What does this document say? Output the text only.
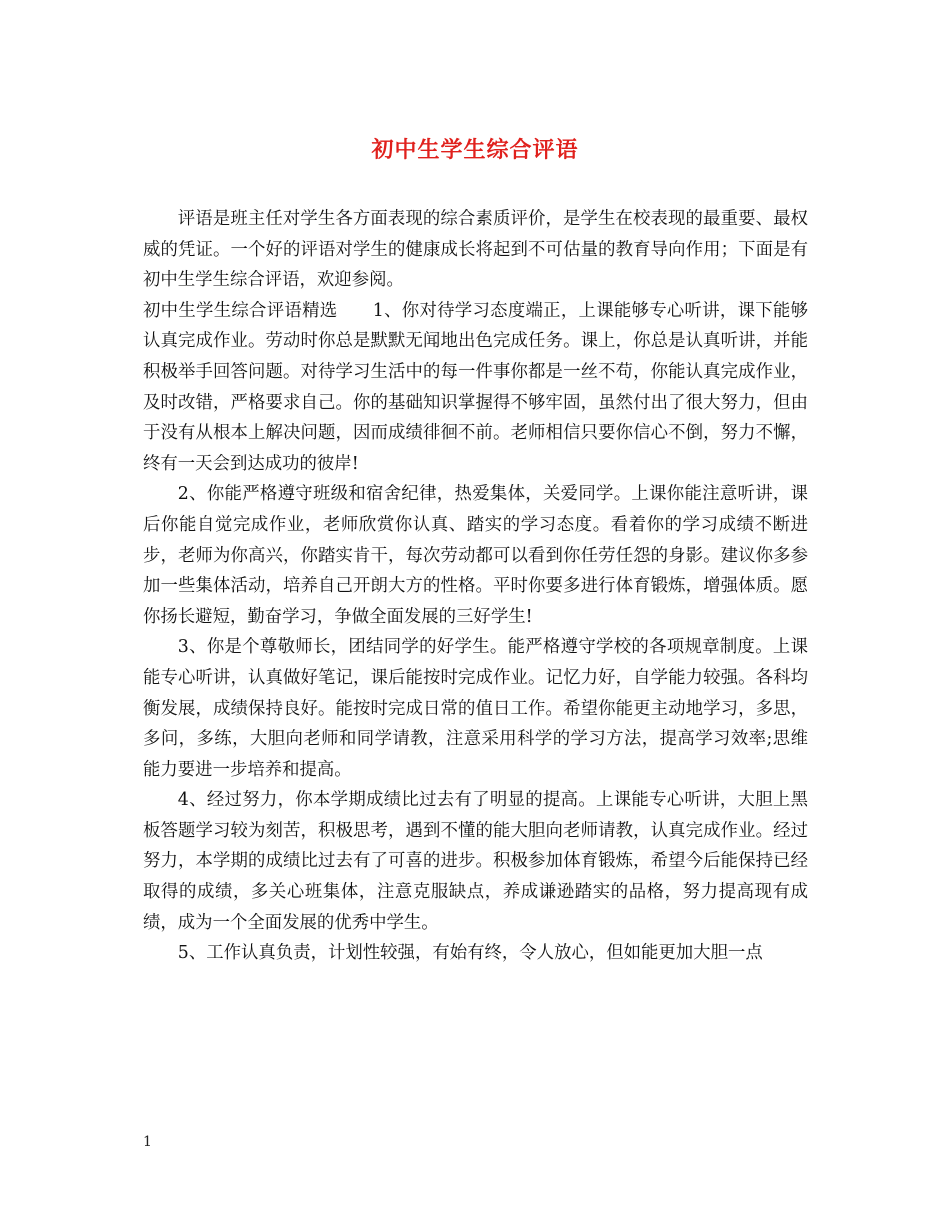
初中生学生综合评语

评语是班主任对学生各方面表现的综合素质评价，是学生在校表现的最重要、最权威的凭证。一个好的评语对学生的健康成长将起到不可估量的教育导向作用；下面是有初中生学生综合评语，欢迎参阅。

初中生学生综合评语精选　　1、你对待学习态度端正，上课能够专心听讲，课下能够认真完成作业。劳动时你总是默默无闻地出色完成任务。课上，你总是认真听讲，并能积极举手回答问题。对待学习生活中的每一件事你都是一丝不苟，你能认真完成作业，及时改错，严格要求自己。你的基础知识掌握得不够牢固，虽然付出了很大努力，但由于没有从根本上解决问题，因而成绩徘徊不前。老师相信只要你信心不倒，努力不懈，终有一天会到达成功的彼岸!

2、你能严格遵守班级和宿舍纪律，热爱集体，关爱同学。上课你能注意听讲，课后你能自觉完成作业，老师欣赏你认真、踏实的学习态度。看着你的学习成绩不断进步，老师为你高兴，你踏实肯干，每次劳动都可以看到你任劳任怨的身影。建议你多参加一些集体活动，培养自己开朗大方的性格。平时你要多进行体育锻炼，增强体质。愿你扬长避短，勤奋学习，争做全面发展的三好学生!

3、你是个尊敬师长，团结同学的好学生。能严格遵守学校的各项规章制度。上课能专心听讲，认真做好笔记，课后能按时完成作业。记忆力好，自学能力较强。各科均衡发展，成绩保持良好。能按时完成日常的值日工作。希望你能更主动地学习，多思，多问，多练，大胆向老师和同学请教，注意采用科学的学习方法，提高学习效率;思维能力要进一步培养和提高。

4、经过努力，你本学期成绩比过去有了明显的提高。上课能专心听讲，大胆上黑板答题学习较为刻苦，积极思考，遇到不懂的能大胆向老师请教，认真完成作业。经过努力，本学期的成绩比过去有了可喜的进步。积极参加体育锻炼，希望今后能保持已经取得的成绩，多关心班集体，注意克服缺点，养成谦逊踏实的品格，努力提高现有成绩，成为一个全面发展的优秀中学生。

5、工作认真负责，计划性较强，有始有终，令人放心，但如能更加大胆一点

1
